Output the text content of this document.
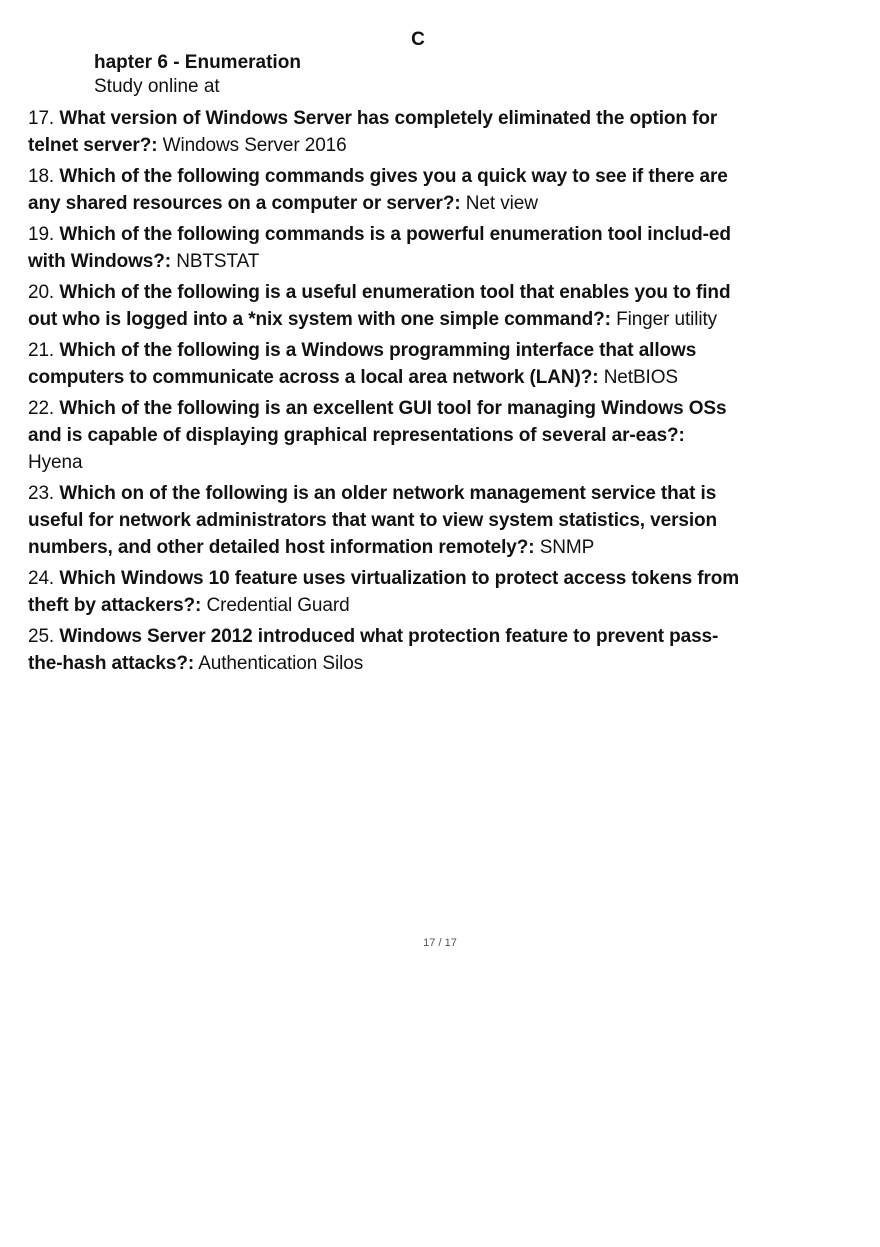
C
hapter 6 - Enumeration
Study online at
17. What version of Windows Server has completely eliminated the option for telnet server?: Windows Server 2016
18. Which of the following commands gives you a quick way to see if there are any shared resources on a computer or server?: Net view
19. Which of the following commands is a powerful enumeration tool includ-ed with Windows?: NBTSTAT
20. Which of the following is a useful enumeration tool that enables you to find out who is logged into a *nix system with one simple command?: Finger utility
21. Which of the following is a Windows programming interface that allows computers to communicate across a local area network (LAN)?: NetBIOS
22. Which of the following is an excellent GUI tool for managing Windows OSs and is capable of displaying graphical representations of several ar-eas?: Hyena
23. Which on of the following is an older network management service that is useful for network administrators that want to view system statistics, version numbers, and other detailed host information remotely?: SNMP
24. Which Windows 10 feature uses virtualization to protect access tokens from theft by attackers?: Credential Guard
25. Windows Server 2012 introduced what protection feature to prevent pass-the-hash attacks?: Authentication Silos
17 / 17
